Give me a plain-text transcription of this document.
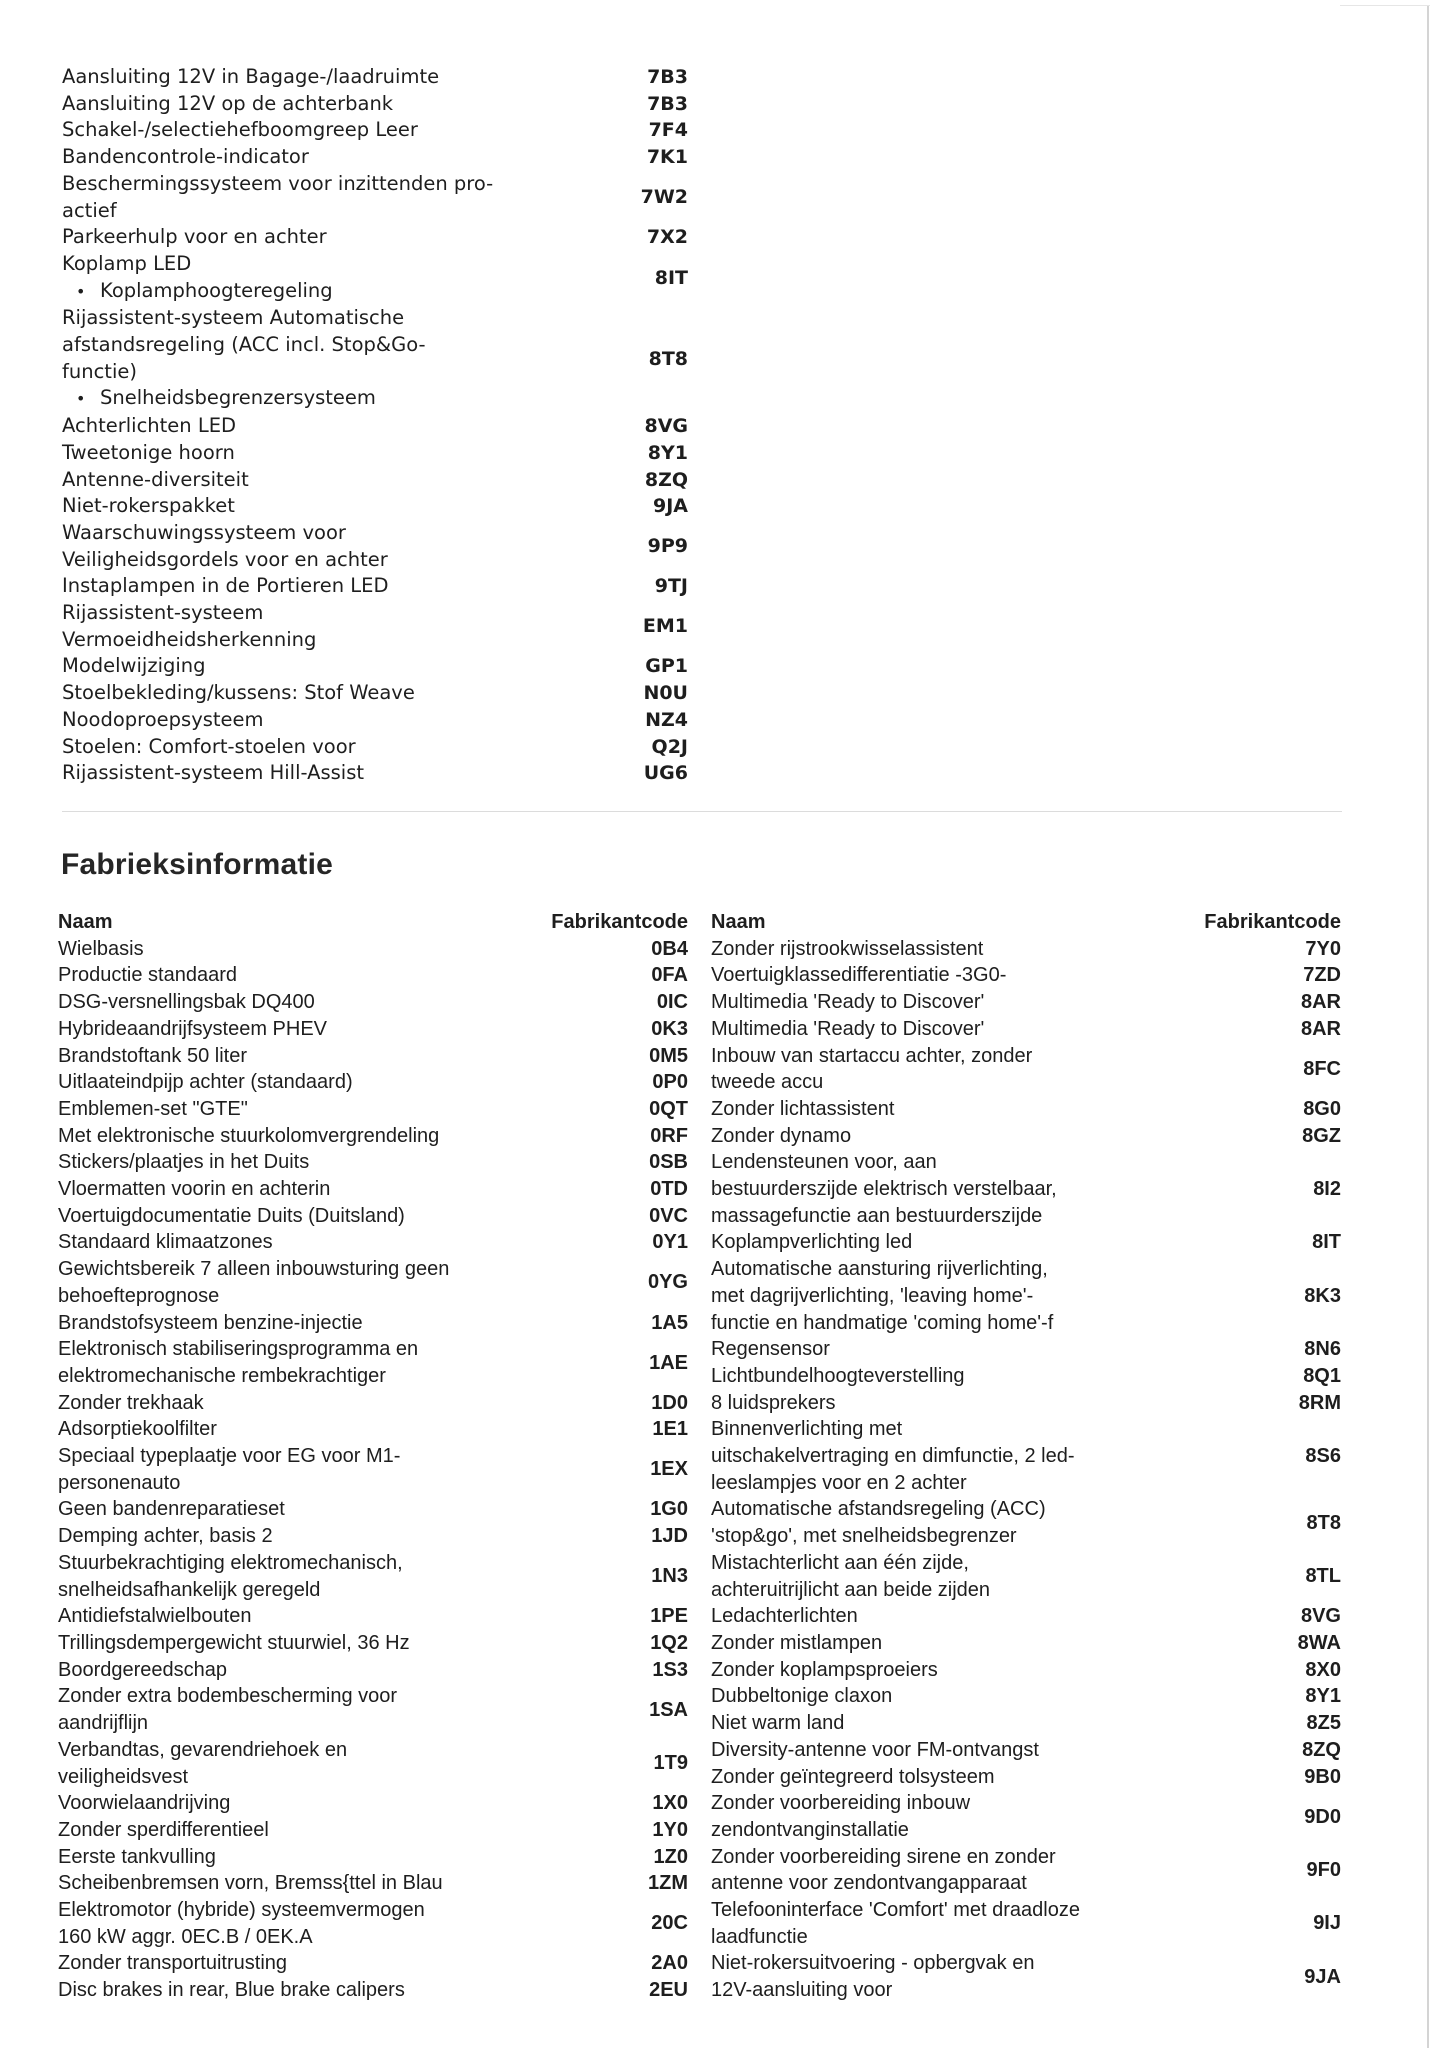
Aansluiting 12V in Bagage-/laadruimte	7B3
Aansluiting 12V op de achterbank	7B3
Schakel-/selectiehefboomgreep Leer	7F4
Bandencontrole-indicator	7K1
Beschermingssysteem voor inzittenden pro-
actief
7W2
Parkeerhulp voor en achter	7X2
Koplamp LED
• Koplamphoogteregeling
8IT
Rijassistent-systeem Automatische
afstandsregeling (ACC incl. Stop&Go-
functie)
• Snelheidsbegrenzersysteem
8T8
Achterlichten LED	8VG
Tweetonige hoorn	8Y1
Antenne-diversiteit	8ZQ
Niet-rokerspakket	9JA
Waarschuwingssysteem voor
Veiligheidsgordels voor en achter
9P9
Instaplampen in de Portieren LED	9TJ
Rijassistent-systeem
Vermoeidheidsherkenning
EM1
Modelwijziging	GP1
Stoelbekleding/kussens: Stof Weave	N0U
Noodoproepsysteem	NZ4
Stoelen: Comfort-stoelen voor	Q2J
Rijassistent-systeem Hill-Assist	UG6
Fabrieksinformatie
Naam	Fabrikantcode
Wielbasis	0B4
Productie standaard	0FA
DSG-versnellingsbak DQ400	0IC
Hybrideaandrijfsysteem PHEV	0K3
Brandstoftank 50 liter	0M5
Uitlaateindpijp achter (standaard)	0P0
Emblemen-set "GTE"	0QT
Met elektronische stuurkolomvergrendeling	0RF
Stickers/plaatjes in het Duits	0SB
Vloermatten voorin en achterin	0TD
Voertuigdocumentatie Duits (Duitsland)	0VC
Standaard klimaatzones	0Y1
Gewichtsbereik 7 alleen inbouwsturing geen
behoefteprognose
0YG
Brandstofsysteem benzine-injectie	1A5
Elektronisch stabiliseringsprogramma en
elektromechanische rembekrachtiger
1AE
Zonder trekhaak	1D0
Adsorptiekoolfilter	1E1
Speciaal typeplaatje voor EG voor M1-
personenauto
1EX
Geen bandenreparatieset	1G0
Demping achter, basis 2	1JD
Stuurbekrachtiging elektromechanisch,
snelheidsafhankelijk geregeld
1N3
Antidiefstalwielbouten	1PE
Trillingsdempergewicht stuurwiel, 36 Hz	1Q2
Boordgereedschap	1S3
Zonder extra bodembescherming voor
aandrijflijn
1SA
Verbandtas, gevarendriehoek en
veiligheidsvest
1T9
Voorwielaandrijving	1X0
Zonder sperdifferentieel	1Y0
Eerste tankvulling	1Z0
Scheibenbremsen vorn, Bremss{ttel in Blau	1ZM
Elektromotor (hybride) systeemvermogen
160 kW aggr. 0EC.B / 0EK.A
20C
Zonder transportuitrusting	2A0
Disc brakes in rear, Blue brake calipers	2EU
Naam	Fabrikantcode
Zonder rijstrookwisselassistent	7Y0
Voertuigklassedifferentiatie -3G0-	7ZD
Multimedia 'Ready to Discover'	8AR
Multimedia 'Ready to Discover'	8AR
Inbouw van startaccu achter, zonder
tweede accu
8FC
Zonder lichtassistent	8G0
Zonder dynamo	8GZ
Lendensteunen voor, aan
bestuurderszijde elektrisch verstelbaar,
massagefunctie aan bestuurderszijde
8I2
Koplampverlichting led	8IT
Automatische aansturing rijverlichting,
met dagrijverlichting, 'leaving home'-
functie en handmatige 'coming home'-f
8K3
Regensensor	8N6
Lichtbundelhoogteverstelling	8Q1
8 luidsprekers	8RM
Binnenverlichting met
uitschakelvertraging en dimfunctie, 2 led-
leeslampjes voor en 2 achter
8S6
Automatische afstandsregeling (ACC)
'stop&go', met snelheidsbegrenzer
8T8
Mistachterlicht aan één zijde,
achteruitrijlicht aan beide zijden
8TL
Ledachterlichten	8VG
Zonder mistlampen	8WA
Zonder koplampsproeiers	8X0
Dubbeltonige claxon	8Y1
Niet warm land	8Z5
Diversity-antenne voor FM-ontvangst	8ZQ
Zonder geïntegreerd tolsysteem	9B0
Zonder voorbereiding inbouw
zendontvanginstallatie
9D0
Zonder voorbereiding sirene en zonder
antenne voor zendontvangapparaat
9F0
Telefooninterface 'Comfort' met draadloze
laadfunctie
9IJ
Niet-rokersuitvoering - opbergvak en
12V-aansluiting voor
9JA
